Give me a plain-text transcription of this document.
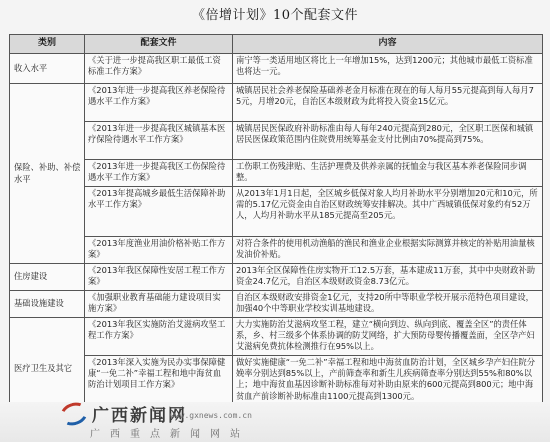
《倍增计划》10个配套文件
类别	配套文件	内容
收入水平	《关于进一步提高我区职工最低工资标准工作方案》	南宁等一类适用地区将比上一年增加15%，达到1200元；其他城市最低工资标准也将达一元。
保险、补助、补偿水平	《2013年进一步提高我区养老保险待遇水平工作方案》	城镇居民社会养老保险基础养老金月标准在现在的每人每月55元提高到每人每月75元，月增20元，自治区本级财政为此将投入资金15亿元。
	《2013年进一步提高我区城镇基本医疗保险待遇水平工作方案》	城镇居民医保政府补助标准由每人每年240元提高到280元，全区职工医保和城镇居民医保政策范围内住院费用统筹基金支付比例由70%提高到75%。
	《2013年进一步提高我区工伤保险待遇水平工作方案》	工伤职工伤残津贴、生活护理费及供养亲属的抚恤金与我区基本养老保险同步调整。
	《2013年提高城乡最低生活保障补助水平工作方案》	从2013年1月1日起，全区城乡低保对象人均月补助水平分别增加20元和10元，所需的5.17亿元资金由自治区财政统筹安排解决。其中广西城镇低保对象约有52万人，人均月补助水平从185元提高至205元。
	《2013年度渔业用油价格补贴工作方案》	对符合条件的使用机动渔船的渔民和渔业企业根据实际测算并核定的补贴用油量核发油价补贴。
住房建设	《2013年我区保障性安居工程工作方案》	2013年全区保障性住房实物开工12.5万套，基本建成11万套，其中中央财政补助资金24.7亿元，自治区本级财政资金8.73亿元。
基础设施建设	《加强职业教育基础能力建设项目实施方案》	自治区本级财政安排资金1亿元，支持20所中等职业学校开展示范特色项目建设，加强40个中等职业学校实训基地建设。
医疗卫生及其它	《2013年我区实施防治艾滋病攻坚工程工作方案》	大力实施防治艾滋病攻坚工程，建立“横向到边、纵向到底、覆盖全区”的责任体系，乡、村三级多个体系协调的防艾网络，扩大预防母婴传播覆盖面，全区孕产妇艾滋病免费抗体检测推行在95%以上。
	《2013年深入实施为民办实事保障健康“一免二补”幸福工程和地中海贫血防治计划项目工作方案》	做好实施健康“一免二补”幸福工程和地中海贫血防治计划，全区城乡孕产妇住院分娩率分别达到85%以上，产前筛查率和新生儿疾病筛查率分别达到55%和80%以上；地中海贫血基因诊断补助标准每对补助由原来的600元提高到800元；地中海贫血产前诊断补助标准由1100元提高到1300元。
广西新闻网
www.gxnews.com.cn
广西重点新闻网站
